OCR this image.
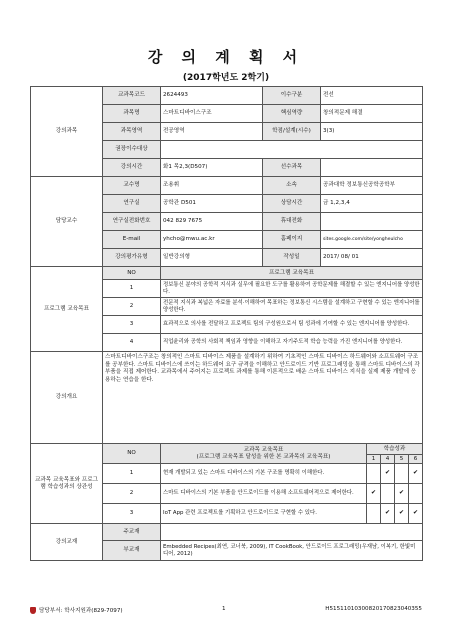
강 의 계 획 서
(2017학년도 2학기)
강의과목	교과목코드	2624493	이수구분	전선
	과목명	스마트디바이스구조	핵심역량	창의적문제 해결
	과목영역	전공영역	학점/설계(시수)	3(3)
	권장이수대상			
	강의시간	화1 목2,3(D507)	선수과목	
담당교수	교수명	조용휘	소속	공과대학 정보통신공학공학부
	연구실	공학관 D501	상담시간	금 1,2,3,4
	연구실전화번호	042 829 7675	휴대전화	
	E-mail	yhcho@mwu.ac.kr	홈페이지	sites.google.com/site/yongheulcho
	강의평가유형	일반강의형	작성일	2017/ 08/ 01
프로그램 교육목표	NO	프로그램 교육목표
	1	정보통신 분야의 공학적 지식과 실무에 필요한 도구를 활용하여 공학문제를 해결할 수 있는 엔지니어를 양성한다.
	2	전문적 지식과 복넓은 자료를 분석·이해하여 목표하는 정보통신 시스템을 설계하고 구현할 수 있는 엔지니어를 양성한다.
	3	효과적으로 의사를 전달하고 프로젝트 팀의 구성원으로서 팀 성과에 기여할 수 있는 엔지니어를 양성한다.
	4	직업윤리와 공학의 사회적 책임과 영향을 이해하고 자기주도적 학습 능력을 가진 엔지니어를 양성한다.
강의개요	스마트디바이스구조는 창의적인 스마트 디바이스 제품을 설계하기 위하여 기초적인 스마트 디바이스 하드웨어와 소프트웨어 구조를 공부한다. 스마트 디바이스에 쓰이는 하드웨어 요구 규격을 이해하고 안드로이드 기반 프로그래밍을 통해 스마트 디바이스의 각 부품을 직접 제어한다. 교과목에서 주어지는 프로젝트 과제를 통해 이론적으로 배운 스마트 디바이스 지식을 실제 제품 개발에 응용하는 연습을 한다.
교과목 교육목표와 프로그램 학습성과의 상관성	NO	교과목 교육목표
(프로그램 교육목표 달성을 위한 본 교과목의 교육목표)	학습성과			
			1	4	5	6
	1	현재 개발되고 있는 스마트 디바이스의 기본 구조를 명확히 이해한다.		✔		✔
	2	스마트 디바이스의 기본 부품을 안드로이드를 이용해 소프트웨어적으로 제어한다.	✔		✔	
	3	IoT App 관련 프로젝트를 기획하고 안드로이드로 구현할 수 있다.		✔	✔	✔
강의교재	주교재	
	부교재	Embedded Recipes(최연, 코너북, 2009), IT CookBook, 안드로이드 프로그래밍(우재남, 이복기, 한빛미디어, 2012)
담당부서: 학사지원과(829-7097)	1	H51511010300820170823040355
